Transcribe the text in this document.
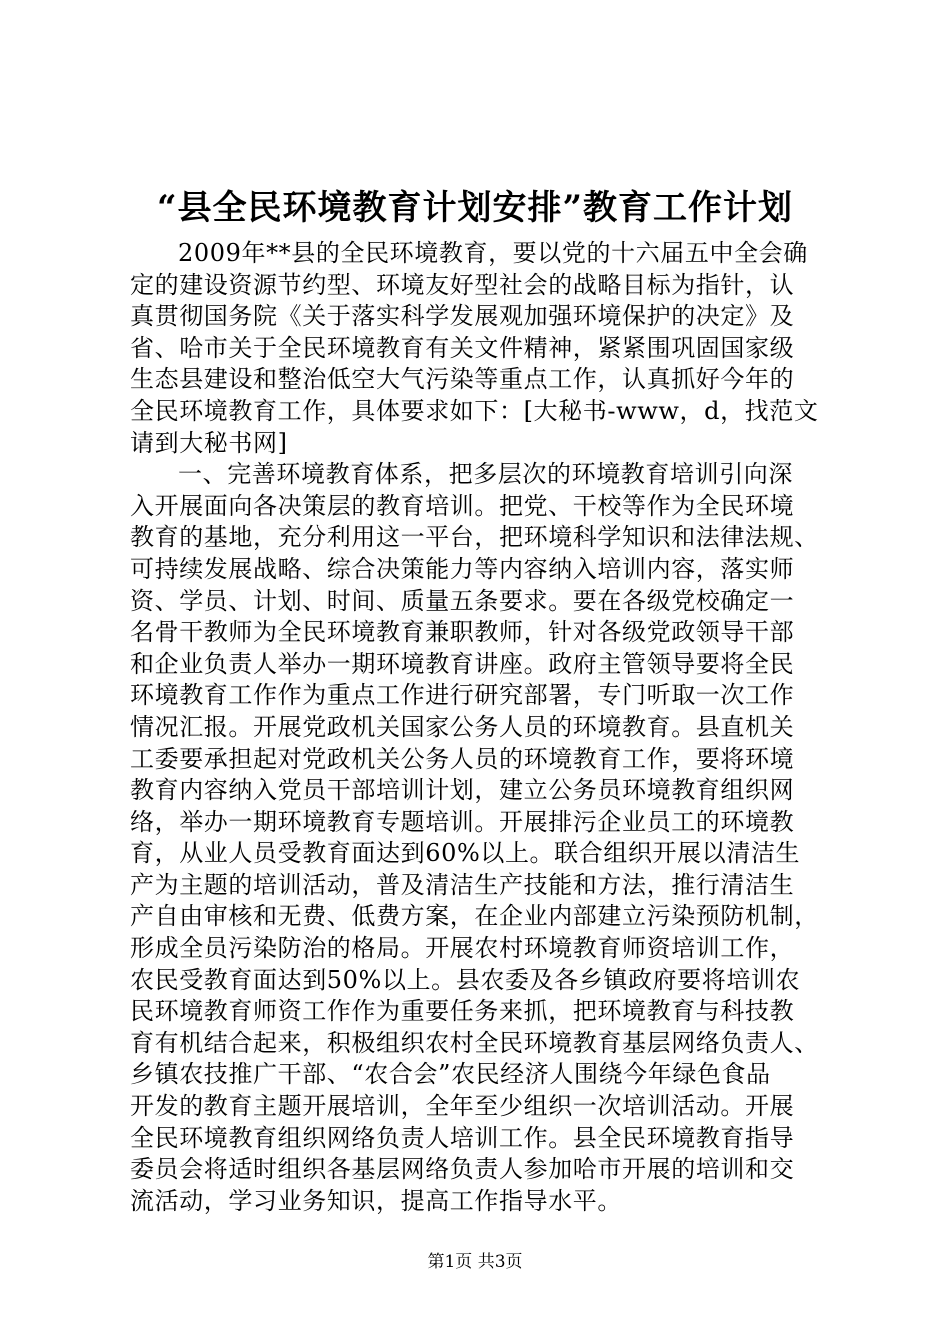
“县全民环境教育计划安排”教育工作计划
2009年**县的全民环境教育，要以党的十六届五中全会确
定的建设资源节约型、环境友好型社会的战略目标为指针，认
真贯彻国务院《关于落实科学发展观加强环境保护的决定》及
省、哈市关于全民环境教育有关文件精神，紧紧围巩固国家级
生态县建设和整治低空大气污染等重点工作，认真抓好今年的
全民环境教育工作，具体要求如下：[大秘书-www，d，找范文
请到大秘书网]
一、完善环境教育体系，把多层次的环境教育培训引向深
入开展面向各决策层的教育培训。把党、干校等作为全民环境
教育的基地，充分利用这一平台，把环境科学知识和法律法规、
可持续发展战略、综合决策能力等内容纳入培训内容，落实师
资、学员、计划、时间、质量五条要求。要在各级党校确定一
名骨干教师为全民环境教育兼职教师，针对各级党政领导干部
和企业负责人举办一期环境教育讲座。政府主管领导要将全民
环境教育工作作为重点工作进行研究部署，专门听取一次工作
情况汇报。开展党政机关国家公务人员的环境教育。县直机关
工委要承担起对党政机关公务人员的环境教育工作，要将环境
教育内容纳入党员干部培训计划，建立公务员环境教育组织网
络，举办一期环境教育专题培训。开展排污企业员工的环境教
育，从业人员受教育面达到60%以上。联合组织开展以清洁生
产为主题的培训活动，普及清洁生产技能和方法，推行清洁生
产自由审核和无费、低费方案，在企业内部建立污染预防机制，
形成全员污染防治的格局。开展农村环境教育师资培训工作，
农民受教育面达到50%以上。县农委及各乡镇政府要将培训农
民环境教育师资工作作为重要任务来抓，把环境教育与科技教
育有机结合起来，积极组织农村全民环境教育基层网络负责人、
乡镇农技推广干部、“农合会”农民经济人围绕今年绿色食品
开发的教育主题开展培训，全年至少组织一次培训活动。开展
全民环境教育组织网络负责人培训工作。县全民环境教育指导
委员会将适时组织各基层网络负责人参加哈市开展的培训和交
流活动，学习业务知识，提高工作指导水平。
第1页 共3页
